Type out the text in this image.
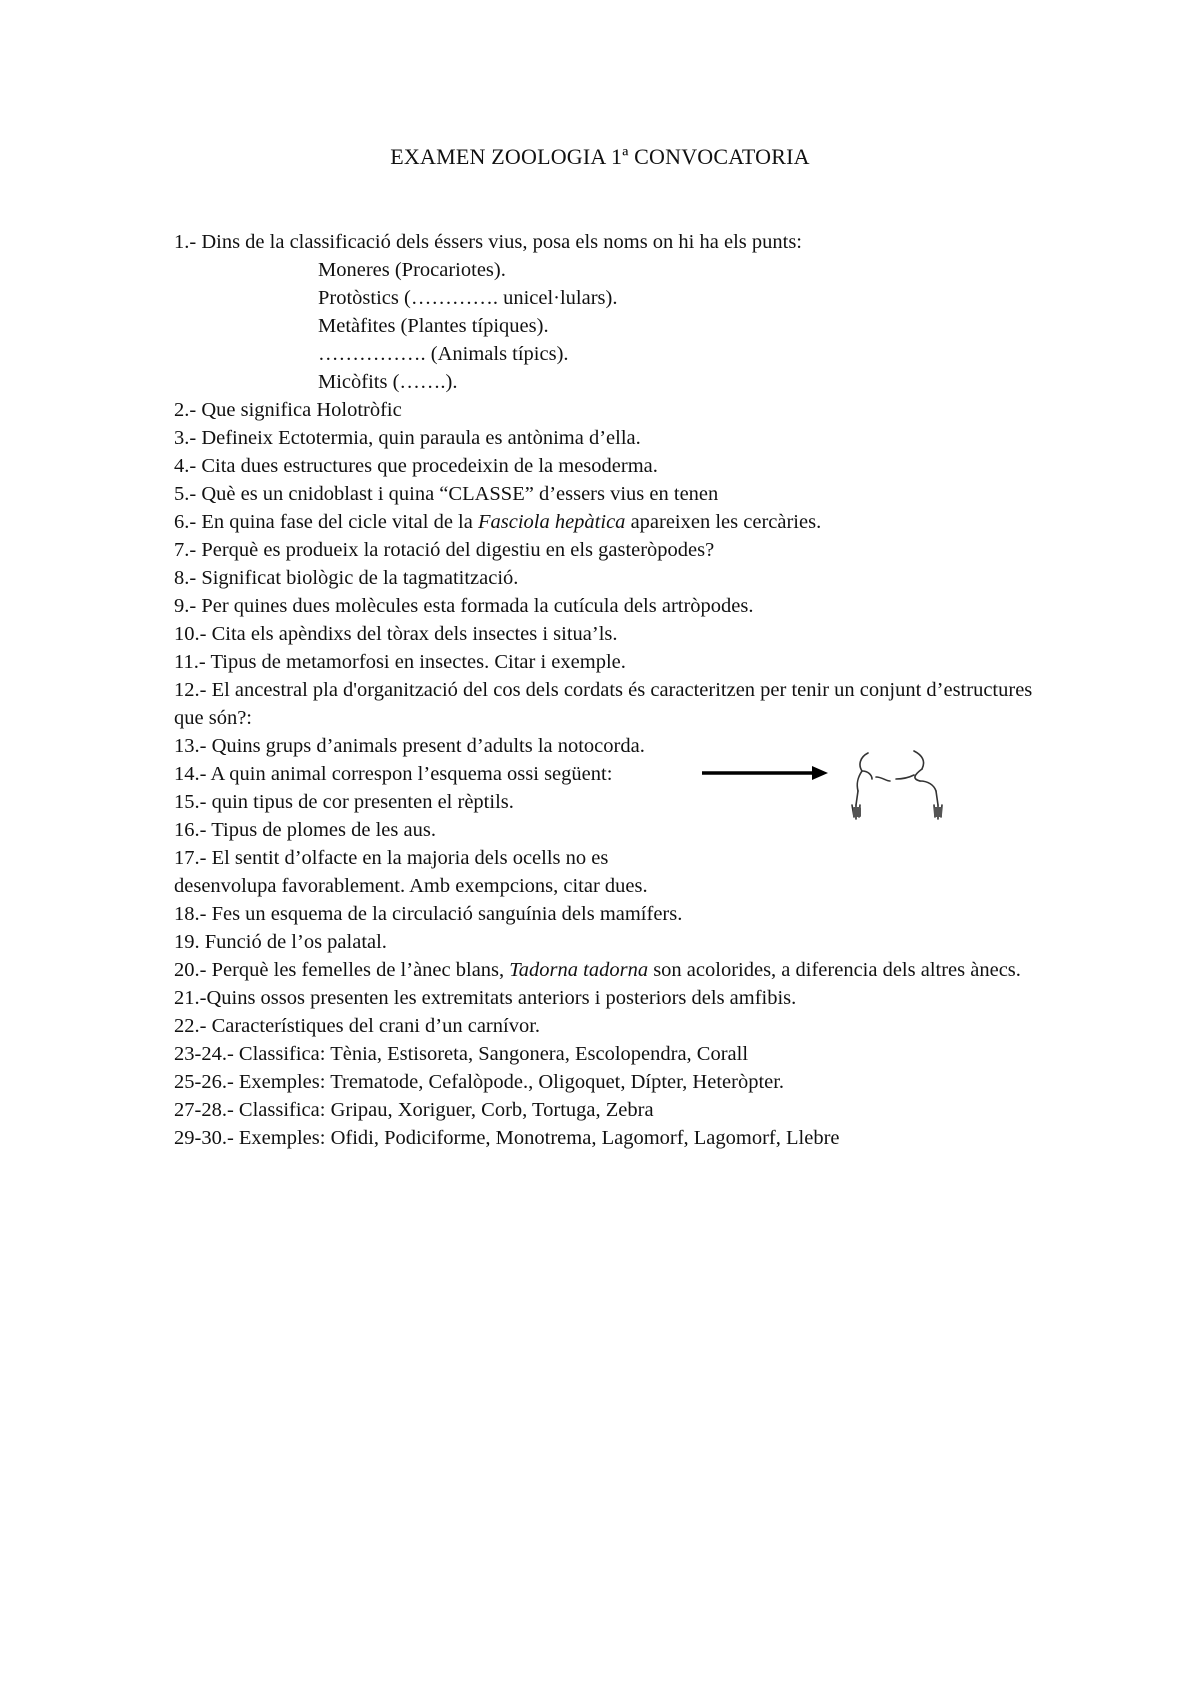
EXAMEN ZOOLOGIA 1ª CONVOCATORIA
1.- Dins de la classificació dels éssers vius, posa els noms on hi ha els punts:
Moneres (Procariotes).
Protòstics (…………. unicel·lulars).
Metàfites (Plantes típiques).
……………. (Animals típics).
Micòfits (…….).
2.- Que significa Holotròfic
3.- Defineix Ectotermia, quin paraula es antònima d’ella.
4.- Cita dues estructures que procedeixin de la mesoderma.
5.- Què es un cnidoblast i quina “CLASSE” d’essers vius en tenen
6.- En quina fase del cicle vital de la Fasciola hepàtica apareixen les cercàries.
7.- Perquè es produeix la rotació del digestiu en els gasteròpodes?
8.- Significat biològic de la tagmatització.
9.- Per quines dues molècules esta formada la cutícula dels artròpodes.
10.- Cita els apèndixs del tòrax dels insectes i situa’ls.
11.- Tipus de metamorfosi en insectes. Citar i exemple.
12.- El ancestral pla d'organització del cos dels cordats és caracteritzen per tenir un conjunt d’estructures que són?:
13.- Quins grups d’animals present d’adults la notocorda.
14.- A quin animal correspon l’esquema ossi següent:
15.- quin tipus de cor presenten el rèptils.
16.- Tipus de plomes de les aus.
17.- El sentit d’olfacte en la majoria dels ocells no es
desenvolupa favorablement. Amb exempcions, citar dues.
18.- Fes un esquema de la circulació sanguínia dels mamífers.
19. Funció de l’os palatal.
20.- Perquè les femelles de l’ànec blans, Tadorna tadorna son acolorides, a diferencia dels altres ànecs.
21.-Quins ossos presenten les extremitats anteriors i posteriors dels amfibis.
22.- Característiques del crani d’un carnívor.
23-24.- Classifica: Tènia, Estisoreta, Sangonera, Escolopendra, Corall
25-26.- Exemples: Trematode, Cefalòpode., Oligoquet, Dípter, Heteròpter.
27-28.- Classifica: Gripau, Xoriguer, Corb, Tortuga, Zebra
29-30.- Exemples: Ofidi, Podiciforme, Monotrema, Lagomorf, Lagomorf, Llebre
